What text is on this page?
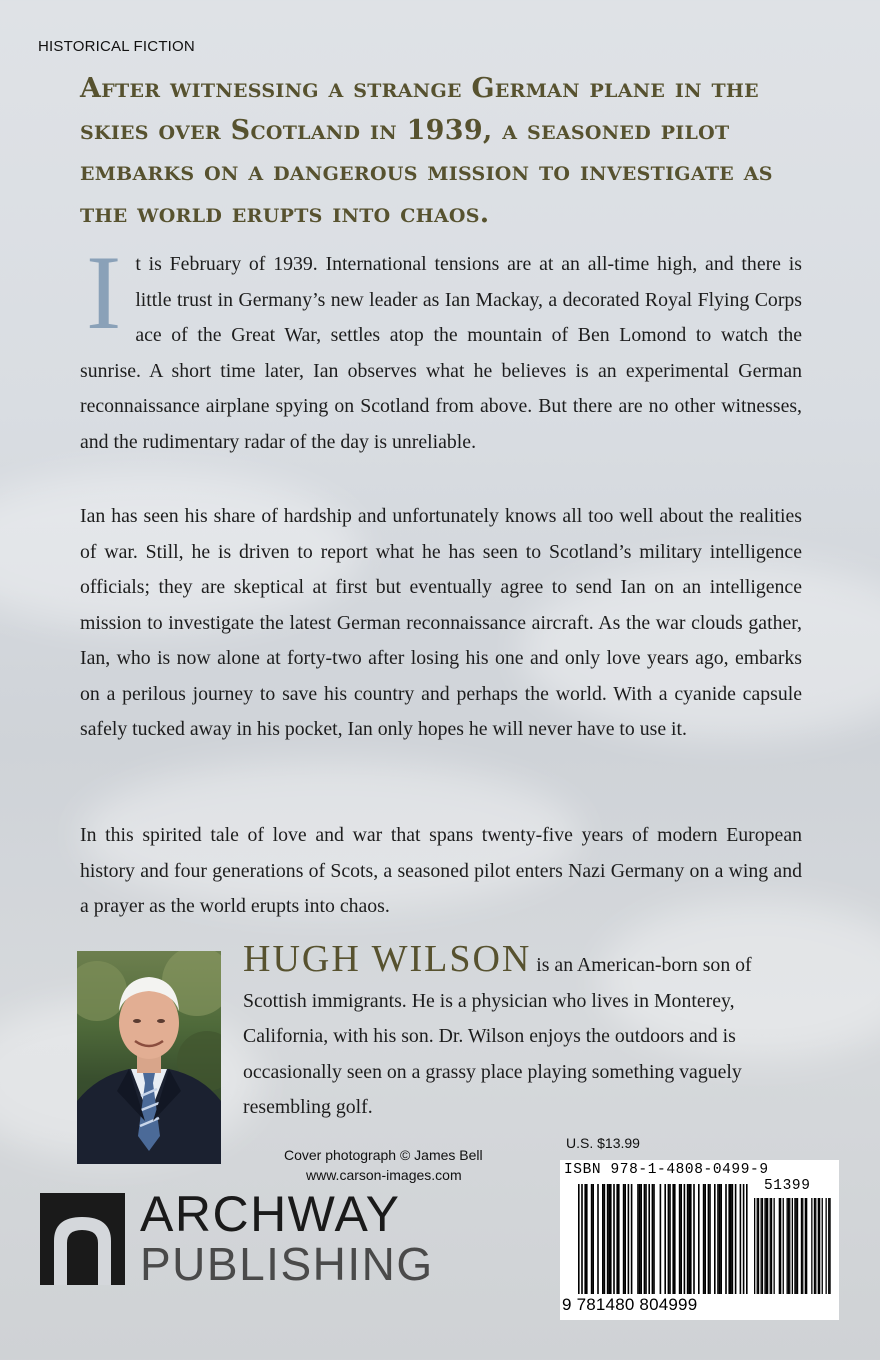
HISTORICAL FICTION
After witnessing a strange German plane in the skies over Scotland in 1939, a seasoned pilot embarks on a dangerous mission to investigate as the world erupts into chaos.
I t is February of 1939. International tensions are at an all-time high, and there is little trust in Germany’s new leader as Ian Mackay, a decorated Royal Flying Corps ace of the Great War, settles atop the mountain of Ben Lomond to watch the sunrise. A short time later, Ian observes what he believes is an experimental German reconnaissance airplane spying on Scotland from above. But there are no other witnesses, and the rudimentary radar of the day is unreliable.
Ian has seen his share of hardship and unfortunately knows all too well about the realities of war. Still, he is driven to report what he has seen to Scotland’s military intelligence officials; they are skeptical at first but eventually agree to send Ian on an intelligence mission to investigate the latest German reconnaissance aircraft. As the war clouds gather, Ian, who is now alone at forty-two after losing his one and only love years ago, embarks on a perilous journey to save his country and perhaps the world. With a cyanide capsule safely tucked away in his pocket, Ian only hopes he will never have to use it.
In this spirited tale of love and war that spans twenty-five years of modern European history and four generations of Scots, a seasoned pilot enters Nazi Germany on a wing and a prayer as the world erupts into chaos.
HUGH WILSON is an American-born son of Scottish immigrants. He is a physician who lives in Monterey, California, with his son. Dr. Wilson enjoys the outdoors and is occasionally seen on a grassy place playing something vaguely resembling golf.
Cover photograph © James Bell
www.carson-images.com
U.S. $13.99
ISBN 978-1-4808-0499-9
51399
9 781480 804999
ARCHWAY
PUBLISHING
